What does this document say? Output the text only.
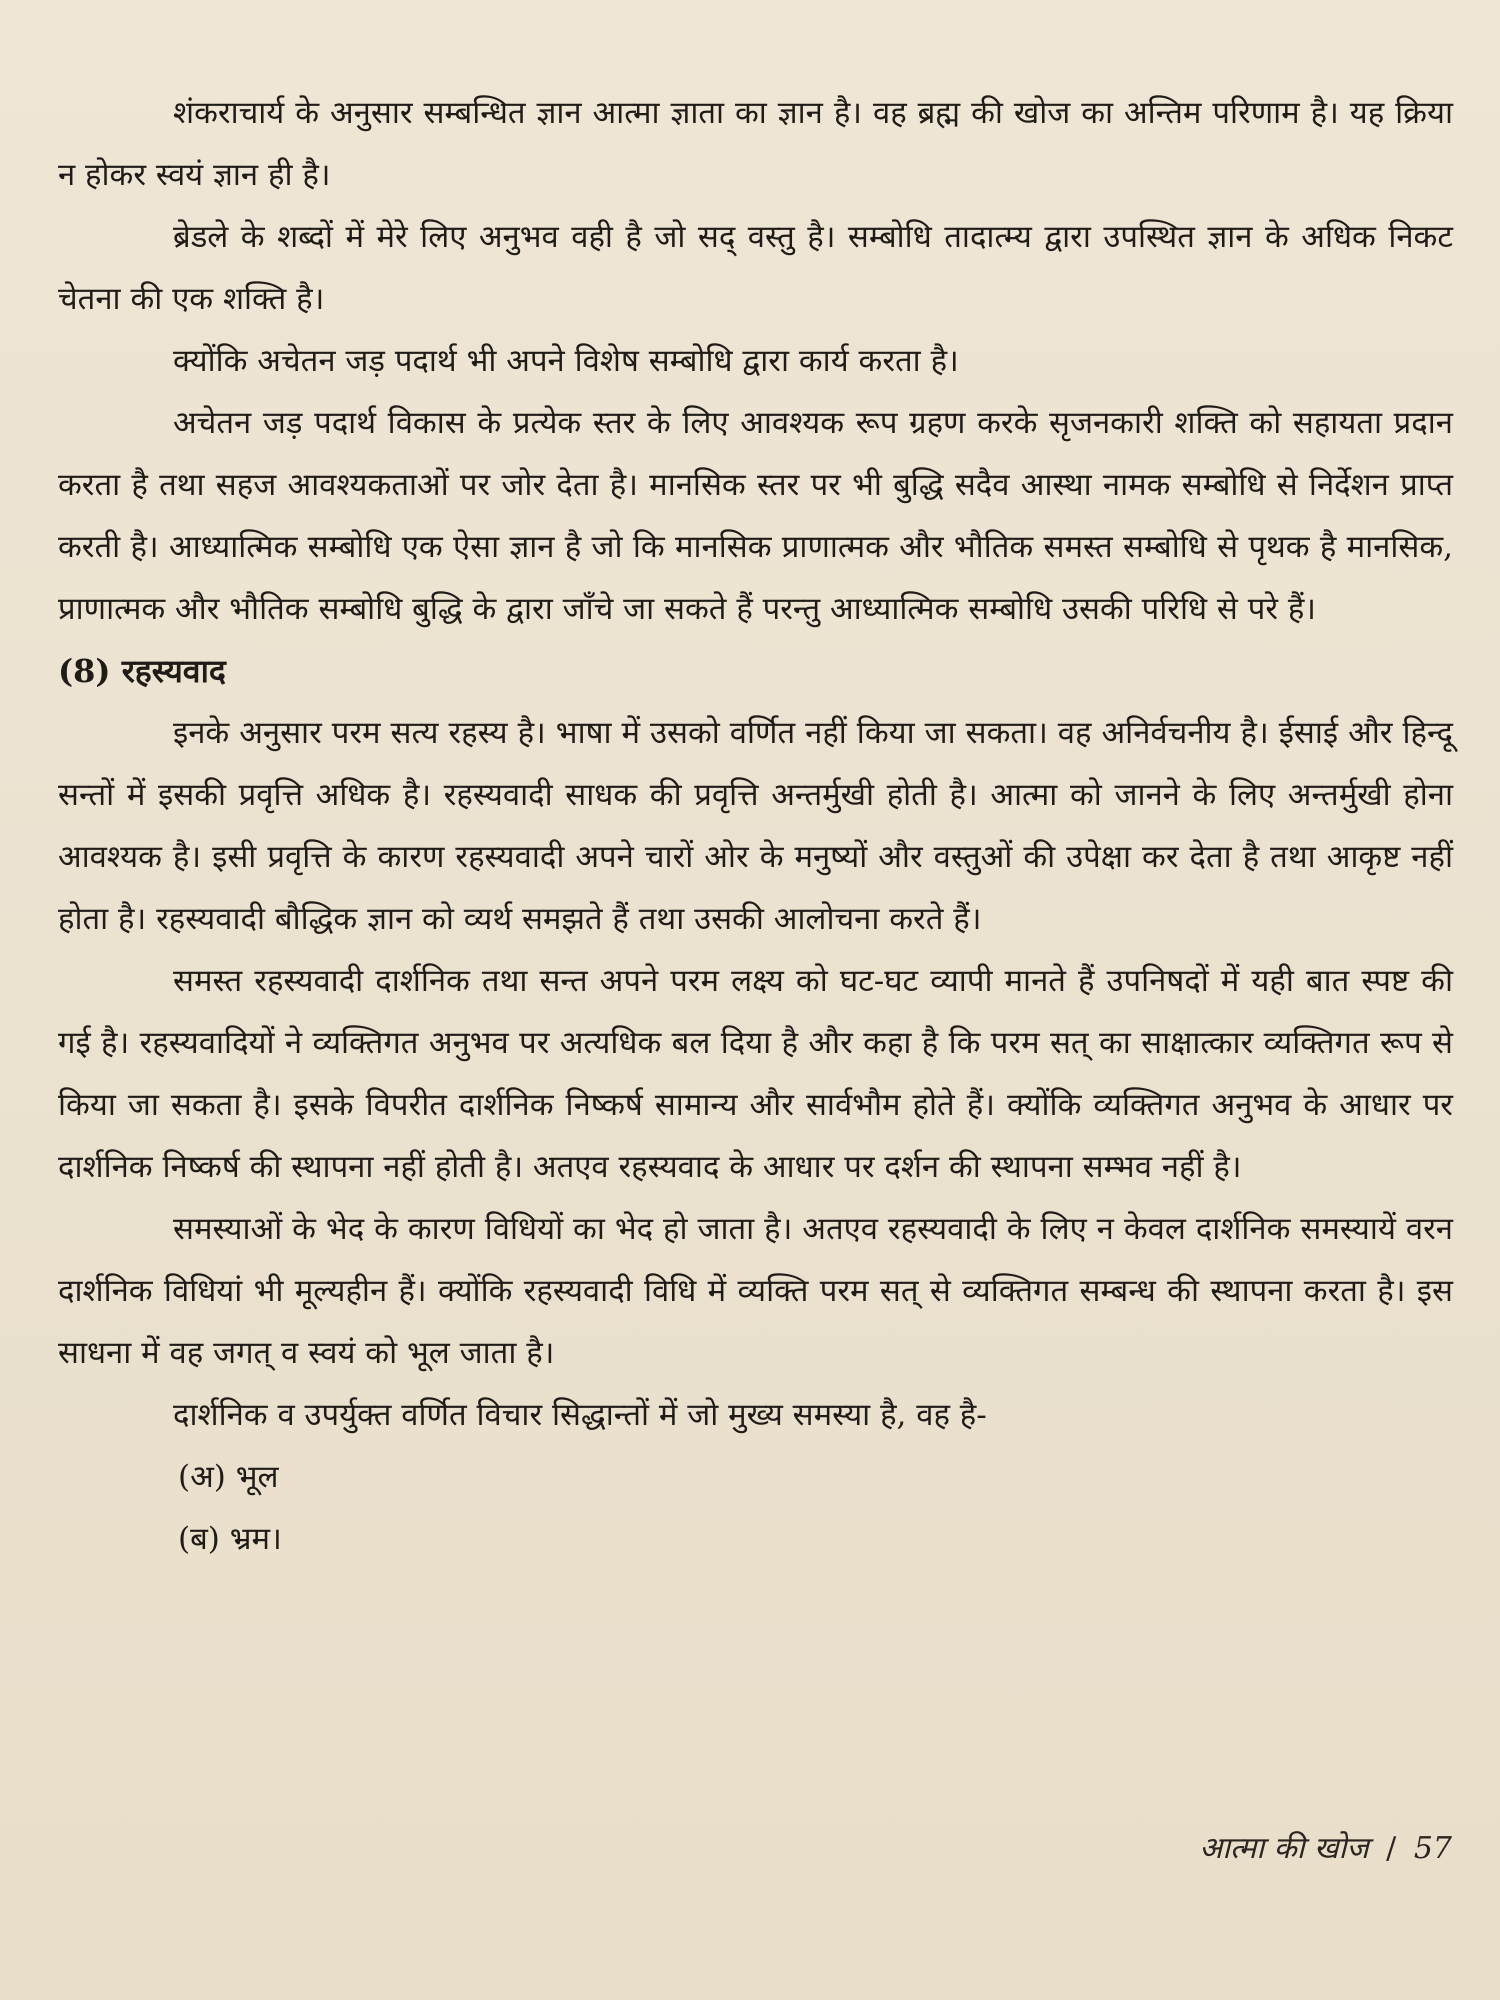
शंकराचार्य के अनुसार सम्बन्धित ज्ञान आत्मा ज्ञाता का ज्ञान है। वह ब्रह्म की खोज का अन्तिम परिणाम है। यह क्रिया न होकर स्वयं ज्ञान ही है।

ब्रेडले के शब्दों में मेरे लिए अनुभव वही है जो सद् वस्तु है। सम्बोधि तादात्म्य द्वारा उपस्थित ज्ञान के अधिक निकट चेतना की एक शक्ति है।

क्योंकि अचेतन जड़ पदार्थ भी अपने विशेष सम्बोधि द्वारा कार्य करता है।

अचेतन जड़ पदार्थ विकास के प्रत्येक स्तर के लिए आवश्यक रूप ग्रहण करके सृजनकारी शक्ति को सहायता प्रदान करता है तथा सहज आवश्यकताओं पर जोर देता है। मानसिक स्तर पर भी बुद्धि सदैव आस्था नामक सम्बोधि से निर्देशन प्राप्त करती है। आध्यात्मिक सम्बोधि एक ऐसा ज्ञान है जो कि मानसिक प्राणात्मक और भौतिक समस्त सम्बोधि से पृथक है मानसिक, प्राणात्मक और भौतिक सम्बोधि बुद्धि के द्वारा जाँचे जा सकते हैं परन्तु आध्यात्मिक सम्बोधि उसकी परिधि से परे हैं।

(8) रहस्यवाद

इनके अनुसार परम सत्य रहस्य है। भाषा में उसको वर्णित नहीं किया जा सकता। वह अनिर्वचनीय है। ईसाई और हिन्दू सन्तों में इसकी प्रवृत्ति अधिक है। रहस्यवादी साधक की प्रवृत्ति अन्तर्मुखी होती है। आत्मा को जानने के लिए अन्तर्मुखी होना आवश्यक है। इसी प्रवृत्ति के कारण रहस्यवादी अपने चारों ओर के मनुष्यों और वस्तुओं की उपेक्षा कर देता है तथा आकृष्ट नहीं होता है। रहस्यवादी बौद्धिक ज्ञान को व्यर्थ समझते हैं तथा उसकी आलोचना करते हैं।

समस्त रहस्यवादी दार्शनिक तथा सन्त अपने परम लक्ष्य को घट-घट व्यापी मानते हैं उपनिषदों में यही बात स्पष्ट की गई है। रहस्यवादियों ने व्यक्तिगत अनुभव पर अत्यधिक बल दिया है और कहा है कि परम सत् का साक्षात्कार व्यक्तिगत रूप से किया जा सकता है। इसके विपरीत दार्शनिक निष्कर्ष सामान्य और सार्वभौम होते हैं। क्योंकि व्यक्तिगत अनुभव के आधार पर दार्शनिक निष्कर्ष की स्थापना नहीं होती है। अतएव रहस्यवाद के आधार पर दर्शन की स्थापना सम्भव नहीं है।

समस्याओं के भेद के कारण विधियों का भेद हो जाता है। अतएव रहस्यवादी के लिए न केवल दार्शनिक समस्यायें वरन दार्शनिक विधियां भी मूल्यहीन हैं। क्योंकि रहस्यवादी विधि में व्यक्ति परम सत् से व्यक्तिगत सम्बन्ध की स्थापना करता है। इस साधना में वह जगत् व स्वयं को भूल जाता है।

दार्शनिक व उपर्युक्त वर्णित विचार सिद्धान्तों में जो मुख्य समस्या है, वह है-

(अ) भूल

(ब) भ्रम।

आत्मा की खोज / 57
